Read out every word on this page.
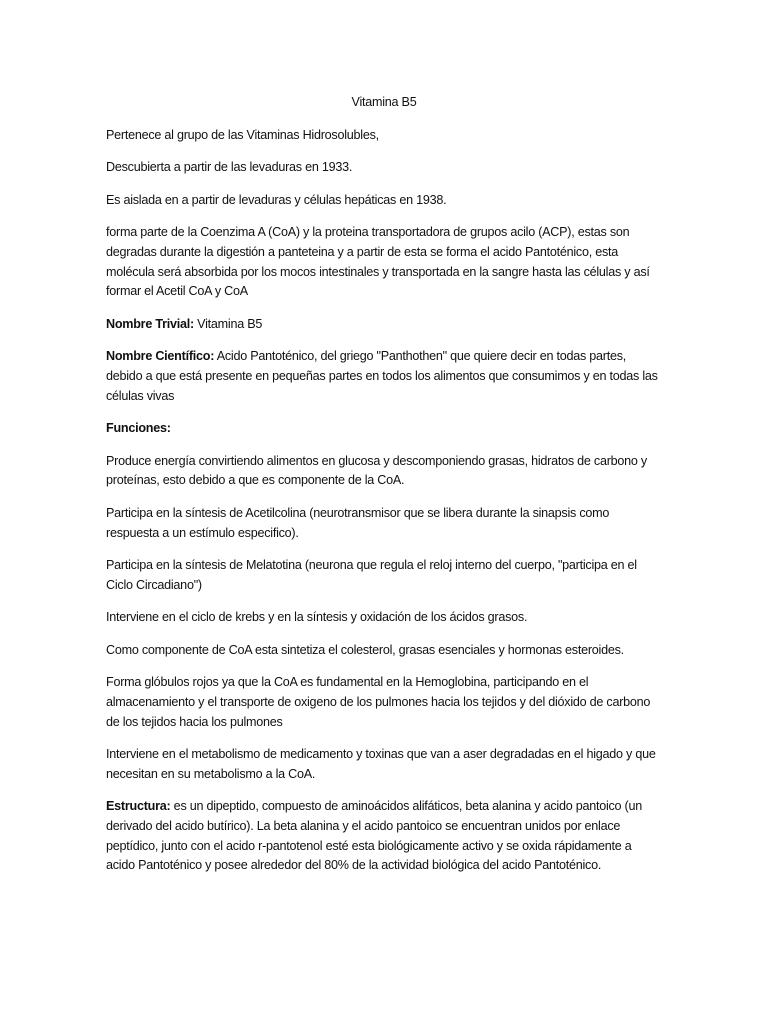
Vitamina B5

Pertenece al grupo de las Vitaminas Hidrosolubles,

Descubierta a partir de las levaduras en 1933.

Es aislada en a partir de levaduras y células hepáticas en 1938.

forma parte de la Coenzima A (CoA) y la proteina transportadora de grupos acilo (ACP), estas son degradas durante la digestión a panteteina y a partir de esta se forma el acido Pantoténico, esta molécula será absorbida por los mocos intestinales y transportada en la sangre hasta las células y así formar el Acetil CoA y CoA

Nombre Trivial: Vitamina B5

Nombre Científico: Acido Pantoténico, del griego "Panthothen" que quiere decir en todas partes, debido a que está presente en pequeñas partes en todos los alimentos que consumimos y en todas las células vivas

Funciones:

Produce energía convirtiendo alimentos en glucosa y descomponiendo grasas, hidratos de carbono y proteínas, esto debido a que es componente de la CoA.

Participa en la síntesis de Acetilcolina (neurotransmisor que se libera durante la sinapsis como respuesta a un estímulo especifico).

Participa en la síntesis de Melatotina (neurona que regula el reloj interno del cuerpo, "participa en el Ciclo Circadiano")

Interviene en el ciclo de krebs y en la síntesis y oxidación de los ácidos grasos.

Como componente de CoA esta sintetiza el colesterol, grasas esenciales y hormonas esteroides.

Forma glóbulos rojos ya que la CoA es fundamental en la Hemoglobina, participando en el almacenamiento y el transporte de oxigeno de los pulmones hacia los tejidos y del dióxido de carbono de los tejidos hacia los pulmones

Interviene en el metabolismo de medicamento y toxinas que van a aser degradadas en el higado y que necesitan en su metabolismo a la CoA.

Estructura: es un dipeptido, compuesto de aminoácidos alifáticos, beta alanina y acido pantoico (un derivado del acido butírico). La beta alanina y el acido pantoico se encuentran unidos por enlace peptídico, junto con el acido r-pantotenol esté esta biológicamente activo y se oxida rápidamente a acido Pantoténico y posee alrededor del 80% de la actividad biológica del acido Pantoténico.
